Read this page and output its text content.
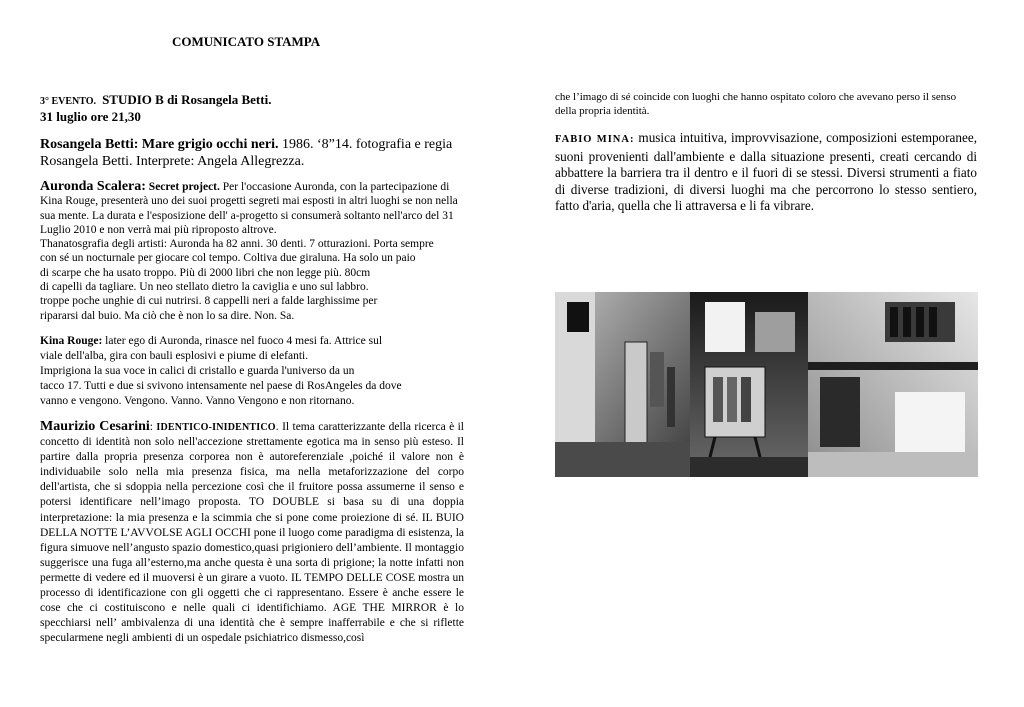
COMUNICATO STAMPA

3° EVENTO. STUDIO B di Rosangela Betti.
31 luglio ore 21,30

Rosangela Betti: Mare grigio occhi neri. 1986. ‘8”14. fotografia e regia Rosangela Betti. Interprete: Angela Allegrezza.

Auronda Scalera: Secret project. Per l'occasione Auronda, con la partecipazione di Kina Rouge, presenterà uno dei suoi progetti segreti mai esposti in altri luoghi se non nella sua mente. La durata e l'esposizione dell' a-progetto si consumerà soltanto nell'arco del 31 Luglio 2010 e non verrà mai più riproposto altrove.

Thanatosgrafia degli artisti: Auronda ha 82 anni. 30 denti. 7 otturazioni. Porta sempre
con sé un nocturnale per giocare col tempo. Coltiva due giraluna. Ha solo un paio
di scarpe che ha usato troppo. Più di 2000 libri che non legge più. 80cm
di capelli da tagliare. Un neo stellato dietro la caviglia e uno sul labbro.
troppe poche unghie di cui nutrirsi. 8 cappelli neri a falde larghissime per
ripararsi dal buio. Ma ciò che è non lo sa dire. Non. Sa.
Kina Rouge: later ego di Auronda, rinasce nel fuoco 4 mesi fa. Attrice sul
viale dell'alba, gira con bauli esplosivi e piume di elefanti.
Imprigiona la sua voce in calici di cristallo e guarda l'universo da un
tacco 17. Tutti e due si svivono intensamente nel paese di RosAngeles da dove
vanno e vengono. Vengono. Vanno. Vanno Vengono e non ritornano.

Maurizio Cesarini: IDENTICO-INIDENTICO. Il tema caratterizzante della ricerca è il concetto di identità non solo nell'accezione strettamente egotica ma in senso più esteso. Il partire dalla propria presenza corporea non è autoreferenziale ,poiché il valore non è individuabile solo nella mia presenza fisica, ma nella metaforizzazione del corpo dell'artista, che si sdoppia nella percezione così che il fruitore possa assumerne il senso e potersi identificare nell’imago proposta. TO DOUBLE si basa su di una doppia interpretazione: la mia presenza e la scimmia che si pone come proiezione di sé. IL BUIO DELLA NOTTE L’AVVOLSE AGLI OCCHI pone il luogo come paradigma di esistenza, la figura simuove nell’angusto spazio domestico,quasi prigioniero dell’ambiente. Il montaggio suggerisce una fuga all’esterno,ma anche questa è una sorta di prigione; la notte infatti non permette di vedere ed il muoversi è un girare a vuoto. IL TEMPO DELLE COSE mostra un processo di identificazione con gli oggetti che ci rappresentano. Essere è anche essere le cose che ci costituiscono e nelle quali ci identifichiamo. AGE THE MIRROR è lo specchiarsi nell’ ambivalenza di una identità che è sempre inafferrabile e che si riflette specularmene negli ambienti di un ospedale psichiatrico dismesso,così

che l’imago di sé coincide con luoghi che hanno ospitato coloro che avevano perso il senso della propria identità.

FABIO MINA: musica intuitiva, improvvisazione, composizioni estemporanee, suoni provenienti dall'ambiente e dalla situazione presenti, creati cercando di abbattere la barriera tra il dentro e il fuori di se stessi. Diversi strumenti a fiato di diverse tradizioni, di diversi luoghi ma che percorrono lo stesso sentiero, fatto d'aria, quella che li attraversa e li fa vibrare.
